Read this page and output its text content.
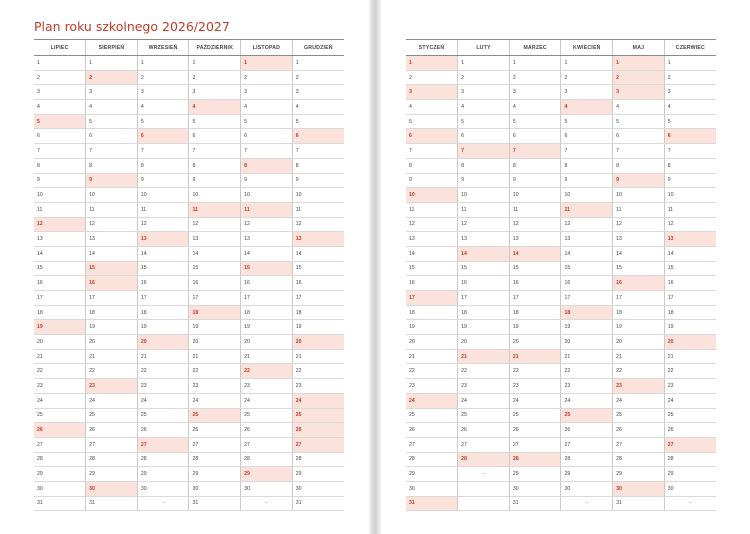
Plan roku szkolnego 2026/2027
LIPIEC	SIERPIEŃ	WRZESIEŃ	PAŹDZIERNIK	LISTOPAD	GRUDZIEŃ
1	1	1	1	1	1
2	2	2	2	2	2
3	3	3	3	3	3
4	4	4	4	4	4
5	5	5	5	5	5
6	6	6	6	6	6
7	7	7	7	7	7
8	8	8	8	8	8
9	9	9	9	9	9
10	10	10	10	10	10
11	11	11	11	11	11
12	12	12	12	12	12
13	13	13	13	13	13
14	14	14	14	14	14
15	15	15	15	15	15
16	16	16	16	16	16
17	17	17	17	17	17
18	18	18	18	18	18
19	19	19	19	19	19
20	20	20	20	20	20
21	21	21	21	21	21
22	22	22	22	22	22
23	23	23	23	23	23
24	24	24	24	24	24
25	25	25	25	25	25
26	26	26	26	26	26
27	27	27	27	27	27
28	28	28	28	28	28
29	29	29	29	29	29
30	30	30	30	30	30
31	31	–	31	–	31
STYCZEŃ	LUTY	MARZEC	KWIECIEŃ	MAJ	CZERWIEC
1	1	1	1	1	1
2	2	2	2	2	2
3	3	3	3	3	3
4	4	4	4	4	4
5	5	5	5	5	5
6	6	6	6	6	6
7	7	7	7	7	7
8	8	8	8	8	8
9	9	9	9	9	9
10	10	10	10	10	10
11	11	11	11	11	11
12	12	12	12	12	12
13	13	13	13	13	13
14	14	14	14	14	14
15	15	15	15	15	15
16	16	16	16	16	16
17	17	17	17	17	17
18	18	18	18	18	18
19	19	19	19	19	19
20	20	20	20	20	20
21	21	21	21	21	21
22	22	22	22	22	22
23	23	23	23	23	23
24	24	24	24	24	24
25	25	25	25	25	25
26	26	26	26	26	26
27	27	27	27	27	27
28	28	28	28	28	28
29	–	29	29	29	29
30		30	30	30	30
31		31	–	31	–
